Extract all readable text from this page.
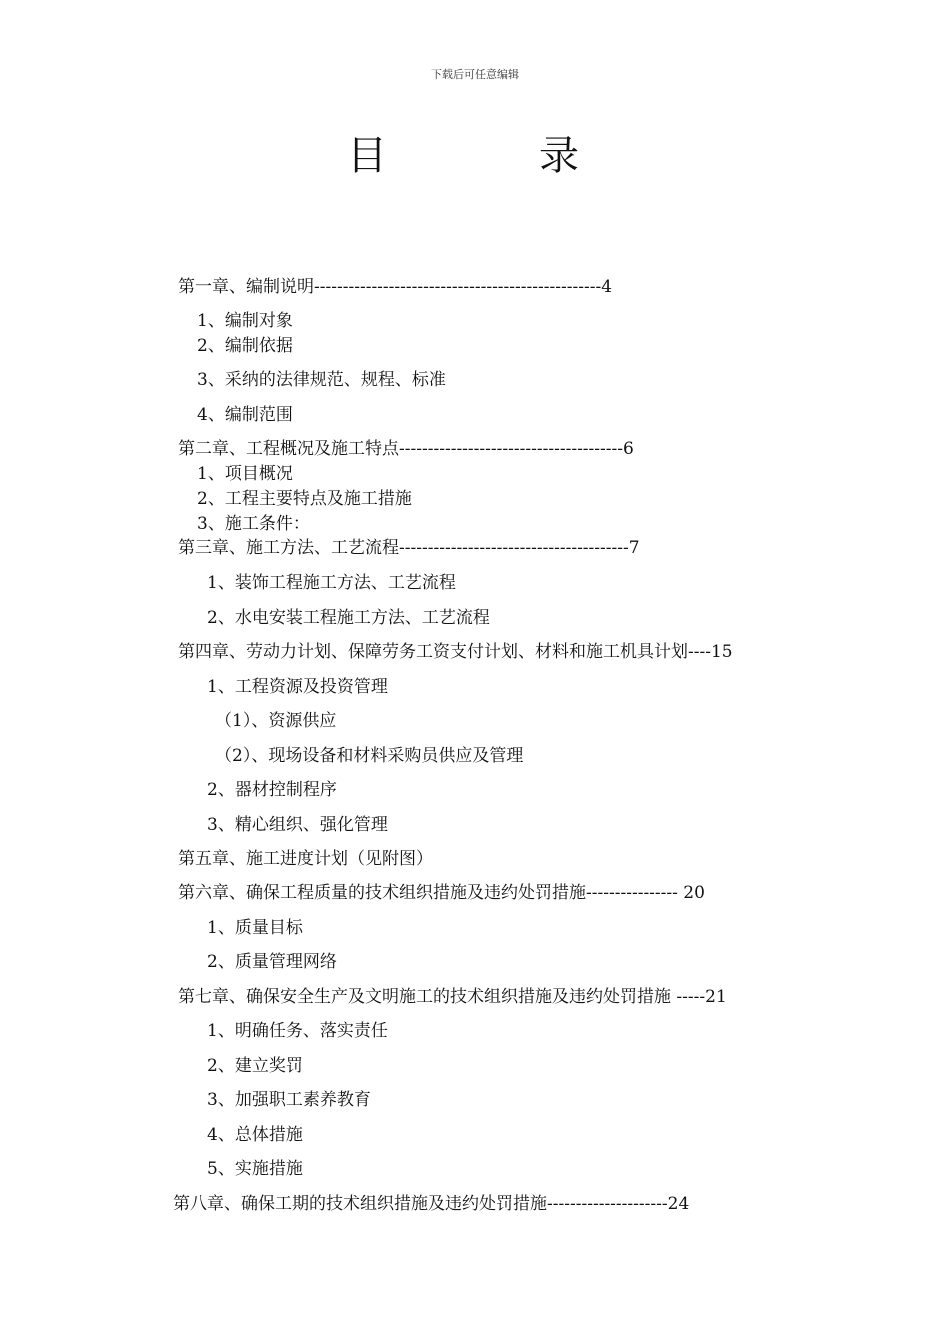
下载后可任意编辑
目　录
第一章、编制说明--------------------------------------------------4
1、编制对象
2、编制依据
3、采纳的法律规范、规程、标准
4、编制范围
第二章、工程概况及施工特点---------------------------------------6
1、项目概况
2、工程主要特点及施工措施
3、施工条件：
第三章、施工方法、工艺流程----------------------------------------7
1、装饰工程施工方法、工艺流程
2、水电安装工程施工方法、工艺流程
第四章、劳动力计划、保障劳务工资支付计划、材料和施工机具计划----15
1、工程资源及投资管理
（1）、资源供应
（2）、现场设备和材料采购员供应及管理
2、器材控制程序
3、精心组织、强化管理
第五章、施工进度计划（见附图）
第六章、确保工程质量的技术组织措施及违约处罚措施---------------- 20
1、质量目标
2、质量管理网络
第七章、确保安全生产及文明施工的技术组织措施及违约处罚措施 -----21
1、明确任务、落实责任
2、建立奖罚
3、加强职工素养教育
4、总体措施
5、实施措施
第八章、确保工期的技术组织措施及违约处罚措施---------------------24
